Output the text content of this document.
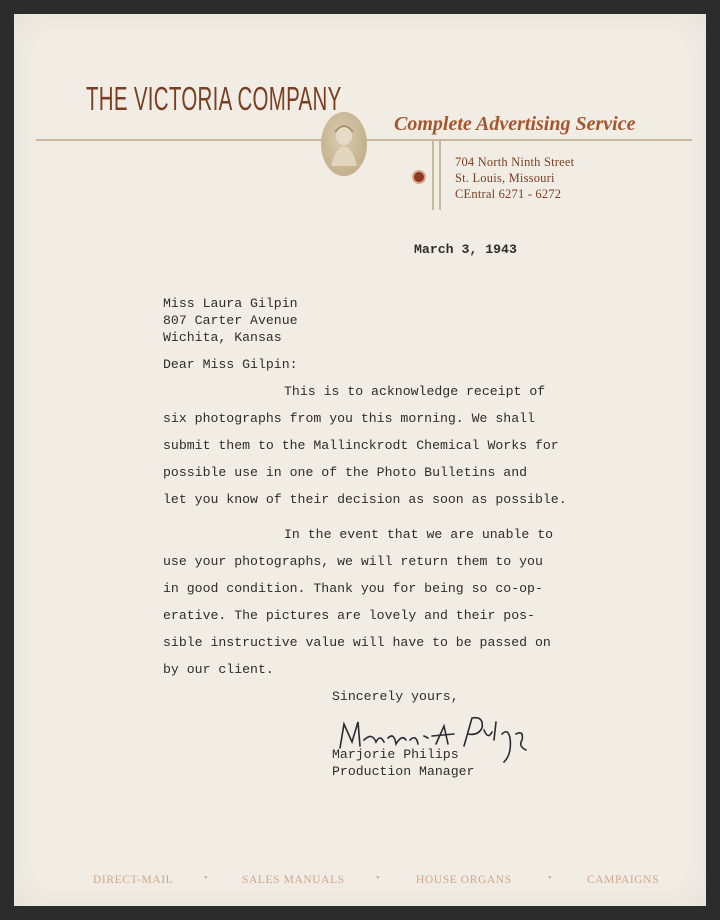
THE VICTORIA COMPANY
Complete Advertising Service
704 North Ninth Street
St. Louis, Missouri
CEntral 6271 - 6272
March 3, 1943
Miss Laura Gilpin
807 Carter Avenue
Wichita, Kansas
Dear Miss Gilpin:
This is to acknowledge receipt of
six photographs from you this morning. We shall
submit them to the Mallinckrodt Chemical Works for
possible use in one of the Photo Bulletins and
let you know of their decision as soon as possible.
In the event that we are unable to
use your photographs, we will return them to you
in good condition. Thank you for being so co-op-
erative. The pictures are lovely and their pos-
sible instructive value will have to be passed on
by our client.
Sincerely yours,
Marjorie Philips
Production Manager
DIRECT-MAIL	•	SALES MANUALS	•	HOUSE ORGANS	•	CAMPAIGNS
